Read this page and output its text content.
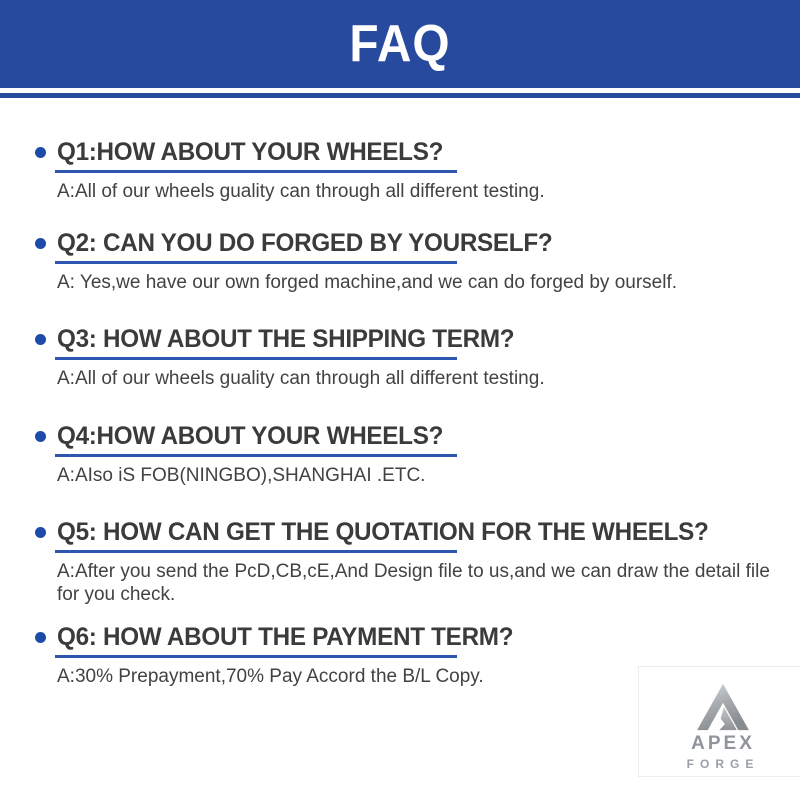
FAQ
Q1:HOW ABOUT YOUR WHEELS?
A:All of our wheels guality can through all different testing.
Q2: CAN YOU DO FORGED BY YOURSELF?
A: Yes,we have our own forged machine,and we can do forged by ourself.
Q3: HOW ABOUT THE SHIPPING TERM?
A:All of our wheels guality can through all different testing.
Q4:HOW ABOUT YOUR WHEELS?
A:AIso iS FOB(NINGBO),SHANGHAI .ETC.
Q5: HOW CAN GET THE QUOTATION FOR THE WHEELS?
A:After you send the PcD,CB,cE,And Design file to us,and we can draw the detail file for you check.
Q6: HOW ABOUT THE PAYMENT TERM?
A:30% Prepayment,70% Pay Accord the B/L Copy.
APEX
FORGE
